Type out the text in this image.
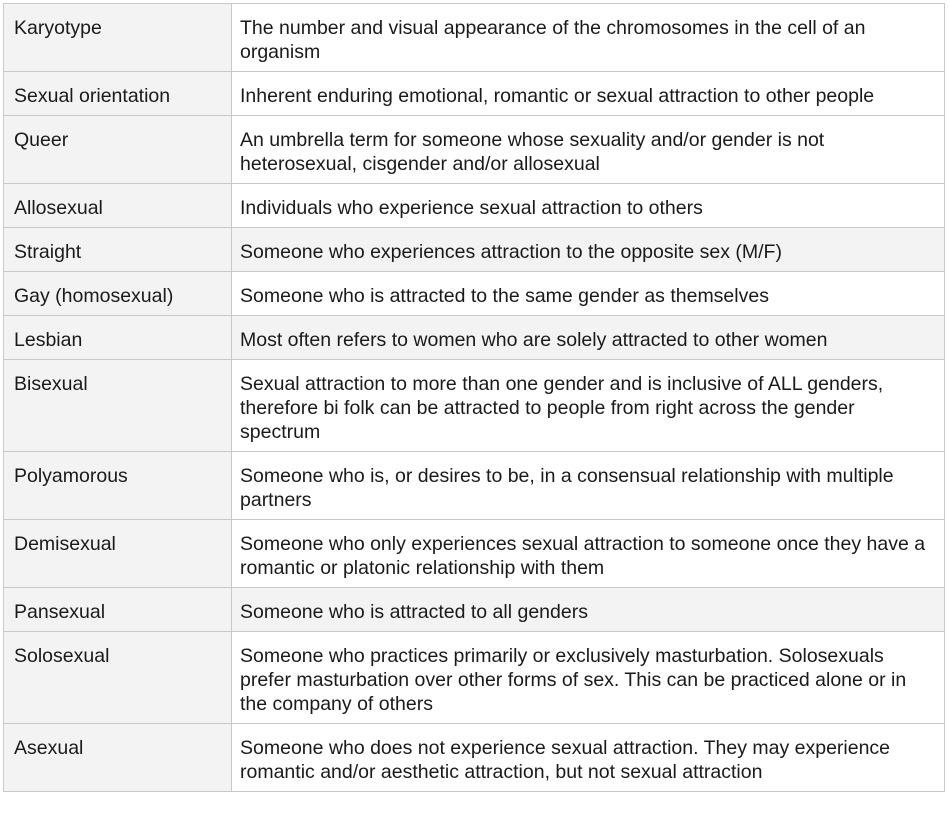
Karyotype	The number and visual appearance of the chromosomes in the cell of an organism
Sexual orientation	Inherent enduring emotional, romantic or sexual attraction to other people
Queer	An umbrella term for someone whose sexuality and/or gender is not heterosexual, cisgender and/or allosexual
Allosexual	Individuals who experience sexual attraction to others
Straight	Someone who experiences attraction to the opposite sex (M/F)
Gay (homosexual)	Someone who is attracted to the same gender as themselves
Lesbian	Most often refers to women who are solely attracted to other women
Bisexual	Sexual attraction to more than one gender and is inclusive of ALL genders, therefore bi folk can be attracted to people from right across the gender spectrum
Polyamorous	Someone who is, or desires to be, in a consensual relationship with multiple partners
Demisexual	Someone who only experiences sexual attraction to someone once they have a romantic or platonic relationship with them
Pansexual	Someone who is attracted to all genders
Solosexual	Someone who practices primarily or exclusively masturbation. Solosexuals prefer masturbation over other forms of sex. This can be practiced alone or in the company of others
Asexual	Someone who does not experience sexual attraction. They may experience romantic and/or aesthetic attraction, but not sexual attraction
